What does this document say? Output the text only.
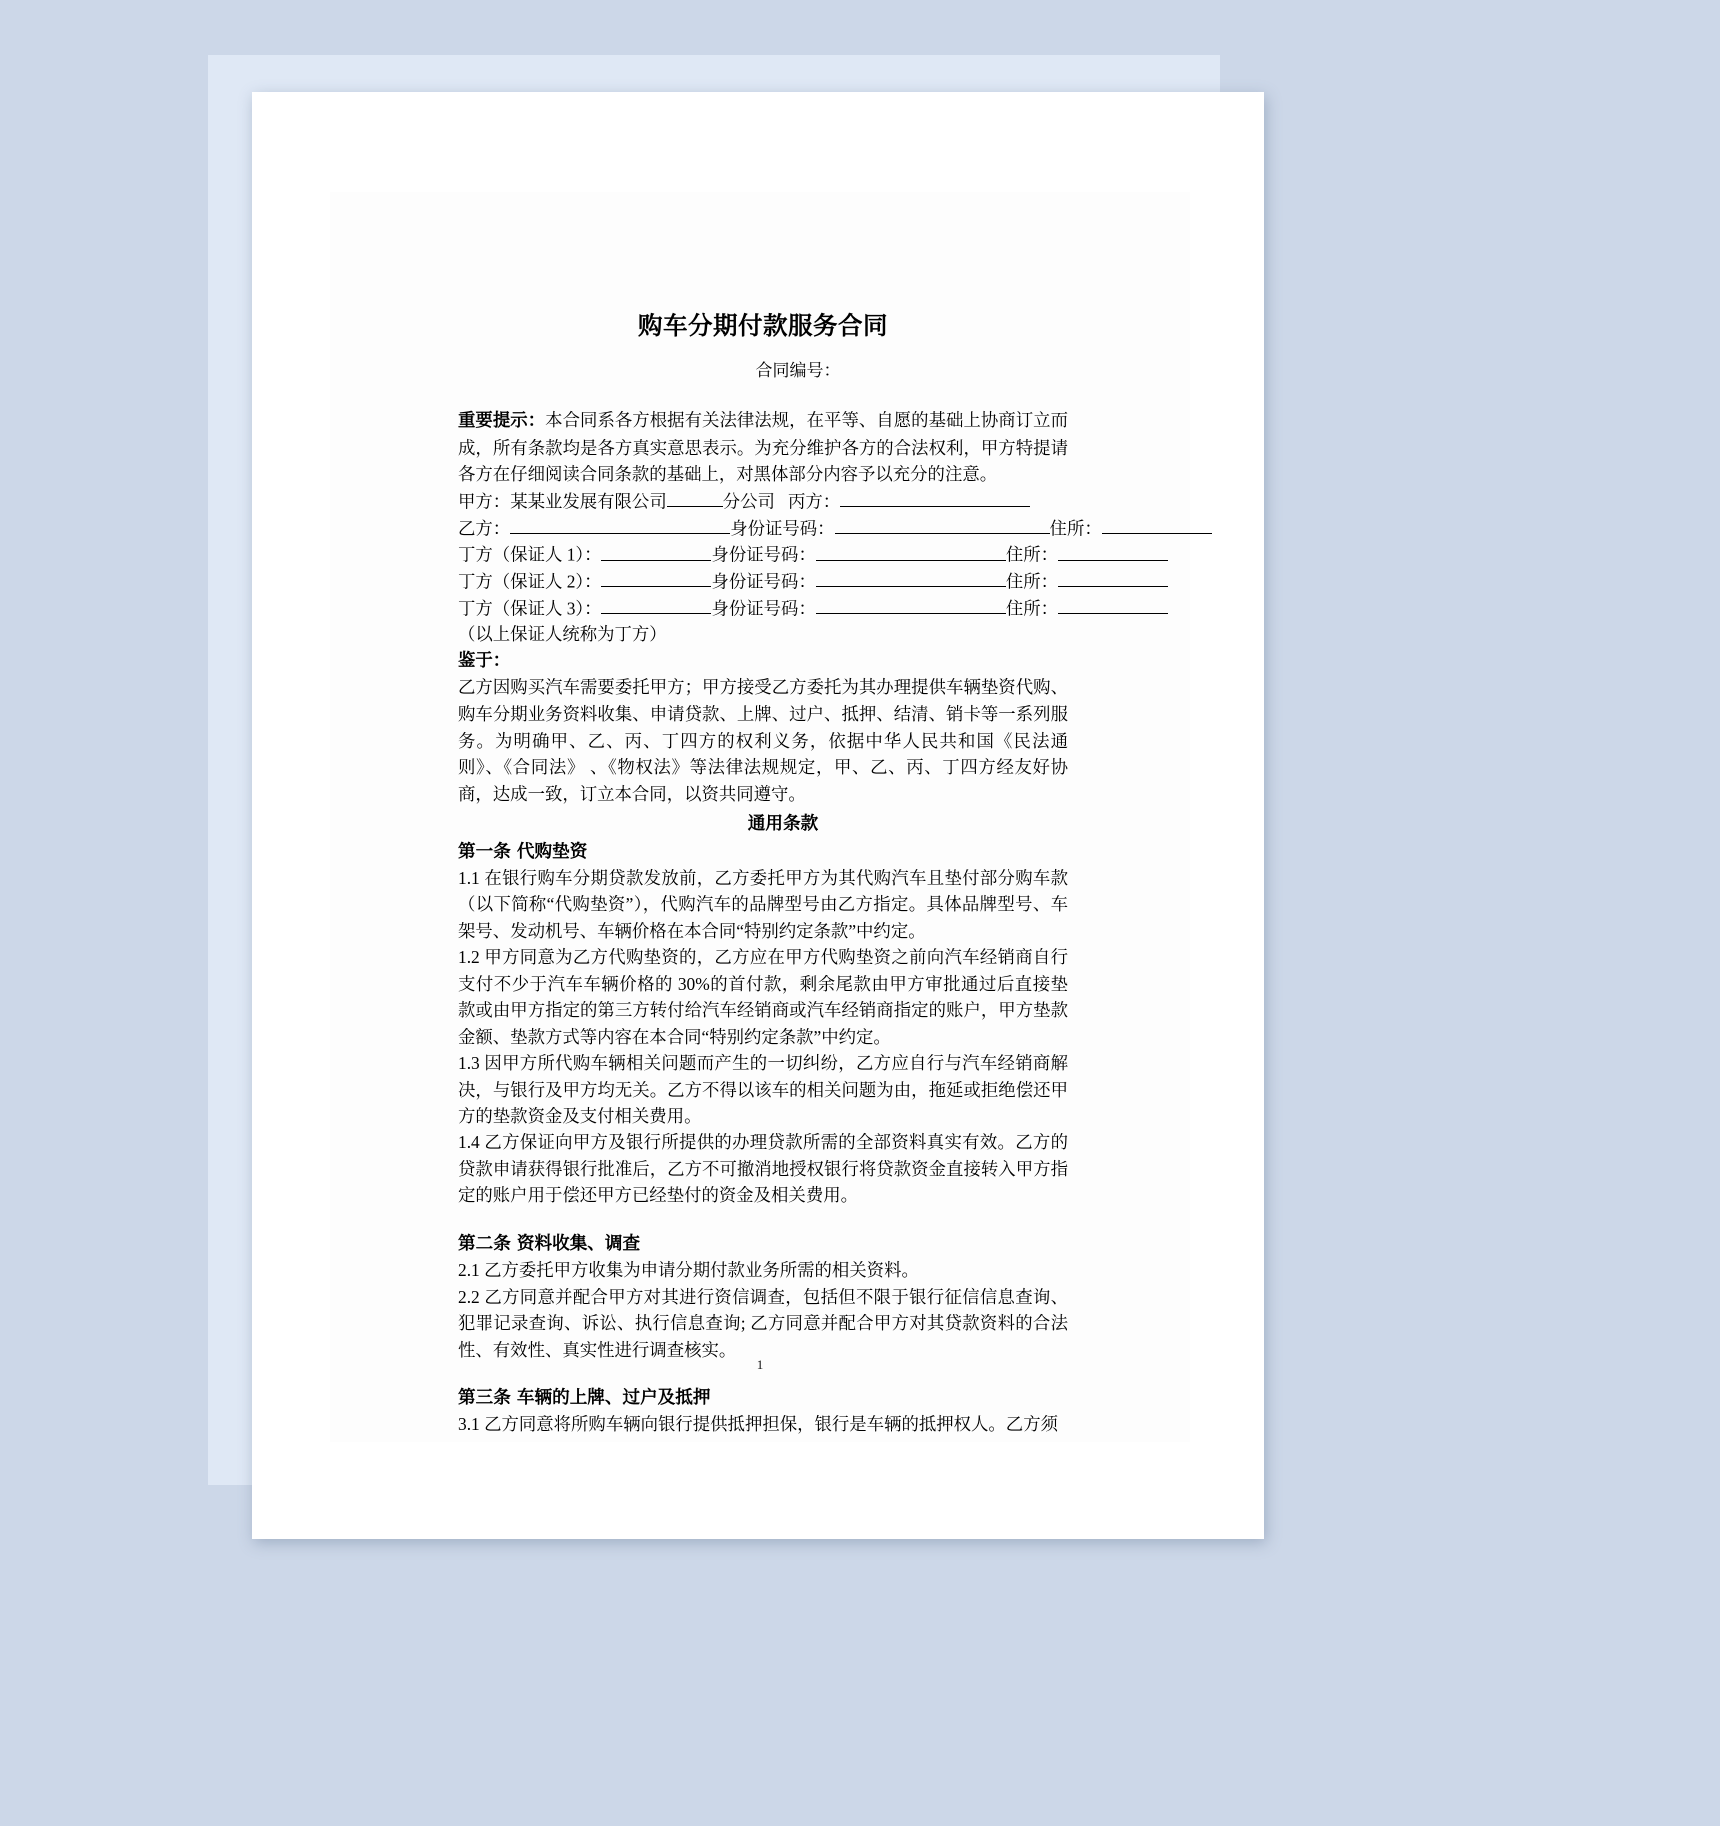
购车分期付款服务合同
合同编号：

重要提示：本合同系各方根据有关法律法规，在平等、自愿的基础上协商订立而成，所有条款均是各方真实意思表示。为充分维护各方的合法权利，甲方特提请各方在仔细阅读合同条款的基础上，对黑体部分内容予以充分的注意。

甲方：某某业发展有限公司	分公司 丙方：
乙方：	身份证号码：	住所：
丁方（保证人 1）：	身份证号码：	住所：
丁方（保证人 2）：	身份证号码：	住所：
丁方（保证人 3）：	身份证号码：	住所：
（以上保证人统称为丁方）
鉴于：

乙方因购买汽车需要委托甲方；甲方接受乙方委托为其办理提供车辆垫资代购、购车分期业务资料收集、申请贷款、上牌、过户、抵押、结清、销卡等一系列服务。为明确甲、乙、丙、丁四方的权利义务，依据中华人民共和国《民法通则》、《合同法》 、《物权法》等法律法规规定，甲、乙、丙、丁四方经友好协商，达成一致，订立本合同，以资共同遵守。

通用条款
第一条 代购垫资

1.1 在银行购车分期贷款发放前，乙方委托甲方为其代购汽车且垫付部分购车款（以下简称“代购垫资”），代购汽车的品牌型号由乙方指定。具体品牌型号、车架号、发动机号、车辆价格在本合同“特别约定条款”中约定。

1.2 甲方同意为乙方代购垫资的，乙方应在甲方代购垫资之前向汽车经销商自行支付不少于汽车车辆价格的 30%的首付款，剩余尾款由甲方审批通过后直接垫款或由甲方指定的第三方转付给汽车经销商或汽车经销商指定的账户，甲方垫款金额、垫款方式等内容在本合同“特别约定条款”中约定。

1.3 因甲方所代购车辆相关问题而产生的一切纠纷，乙方应自行与汽车经销商解决，与银行及甲方均无关。乙方不得以该车的相关问题为由，拖延或拒绝偿还甲方的垫款资金及支付相关费用。

1.4 乙方保证向甲方及银行所提供的办理贷款所需的全部资料真实有效。乙方的贷款申请获得银行批准后，乙方不可撤消地授权银行将贷款资金直接转入甲方指定的账户用于偿还甲方已经垫付的资金及相关费用。

第二条 资料收集、调查

2.1 乙方委托甲方收集为申请分期付款业务所需的相关资料。

2.2 乙方同意并配合甲方对其进行资信调查，包括但不限于银行征信信息查询、犯罪记录查询、诉讼、执行信息查询; 乙方同意并配合甲方对其贷款资料的合法性、有效性、真实性进行调查核实。

第三条 车辆的上牌、过户及抵押

3.1 乙方同意将所购车辆向银行提供抵押担保，银行是车辆的抵押权人。乙方须

1
